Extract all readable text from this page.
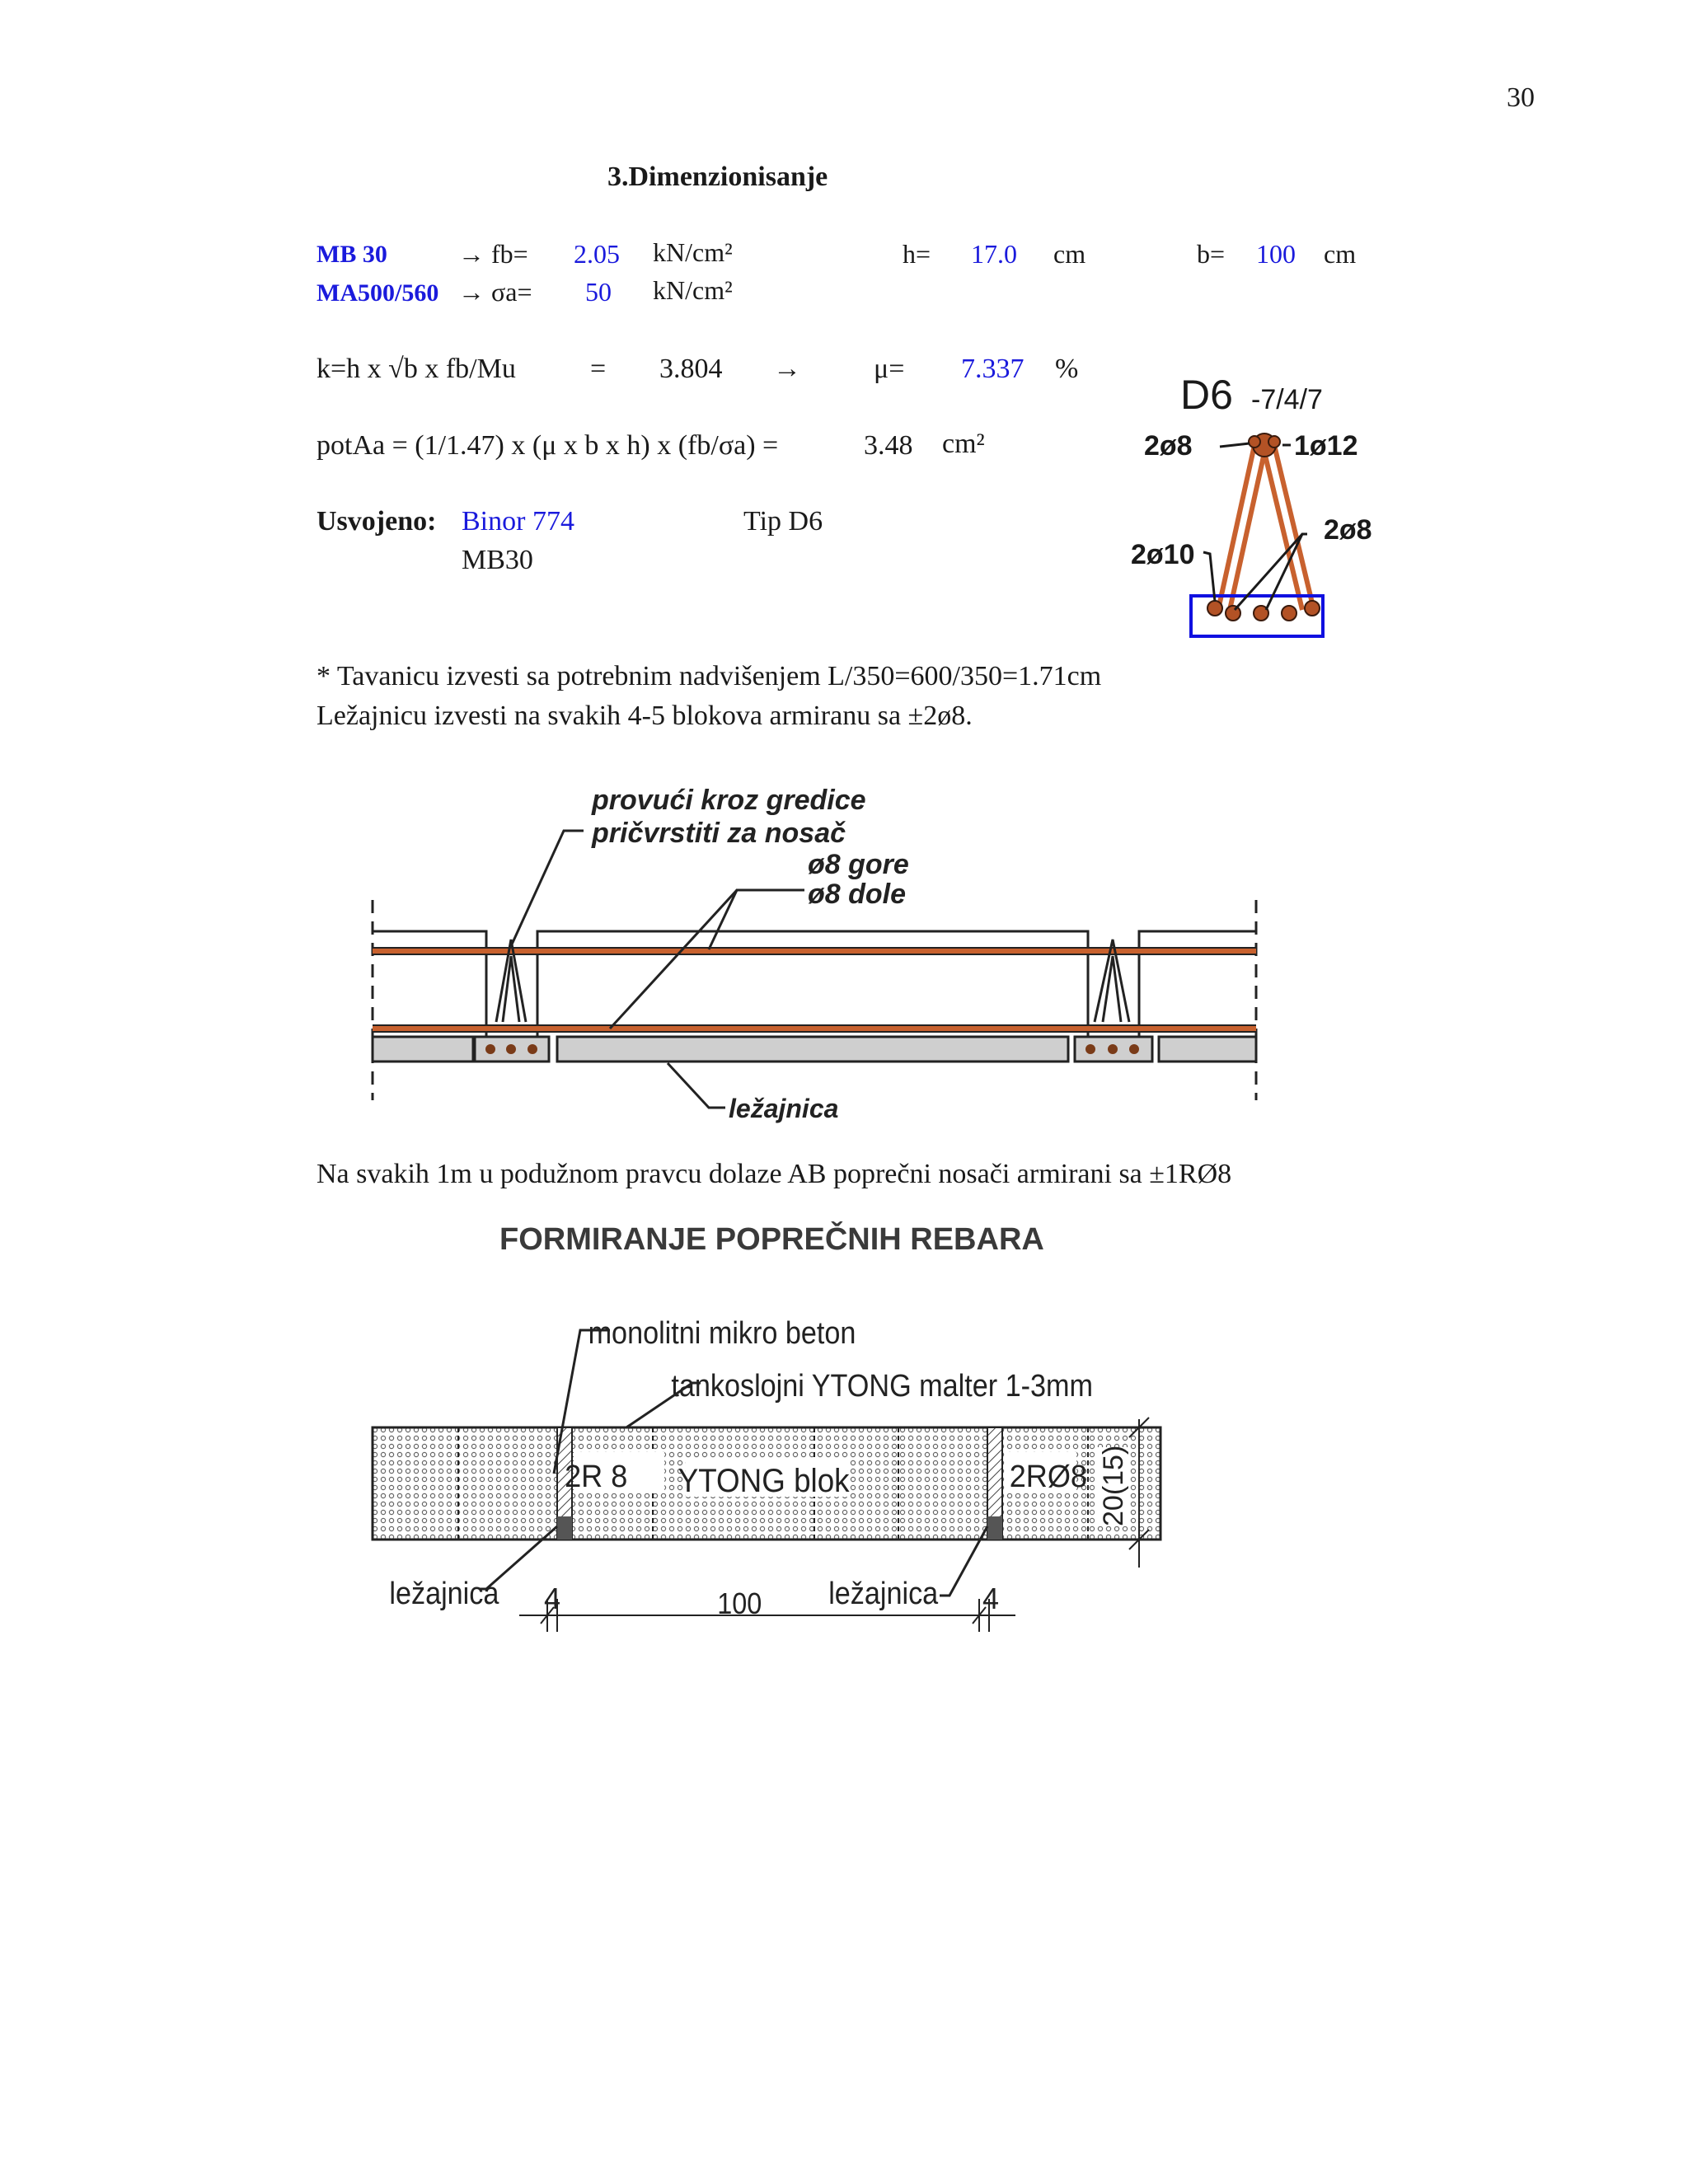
30
3.Dimenzionisanje
MB 30	→ fb= 2.05 kN/cm²	h= 17.0 cm	b= 100 cm
MA500/560 → σa= 50 kN/cm²
k=h x √b x fb/Mu	= 3.804 →	μ= 7.337 %
potAa = (1/1.47) x (μ x b x h) x (fb/σa) =	3.48 cm²
Usvojeno: Binor 774	Tip D6
MB30
D6 -7/4/7
2ø8	1ø12
2ø10
2ø8
* Tavanicu izvesti sa potrebnim nadvišenjem L/350=600/350=1.71cm
Ležajnicu izvesti na svakih 4-5 blokova armiranu sa ±2ø8.
provući kroz gredice
pričvrstiti za nosač
ø8 gore
ø8 dole
ležajnica
Na svakih 1m u podužnom pravcu dolaze AB poprečni nosači armirani sa ±1RØ8
FORMIRANJE POPREČNIH REBARA
monolitni mikro beton
tankoslojni YTONG malter 1-3mm
2R 8 YTONG blok	2RØ8 20(15)
ležajnica 4	100 ležajnica 4
